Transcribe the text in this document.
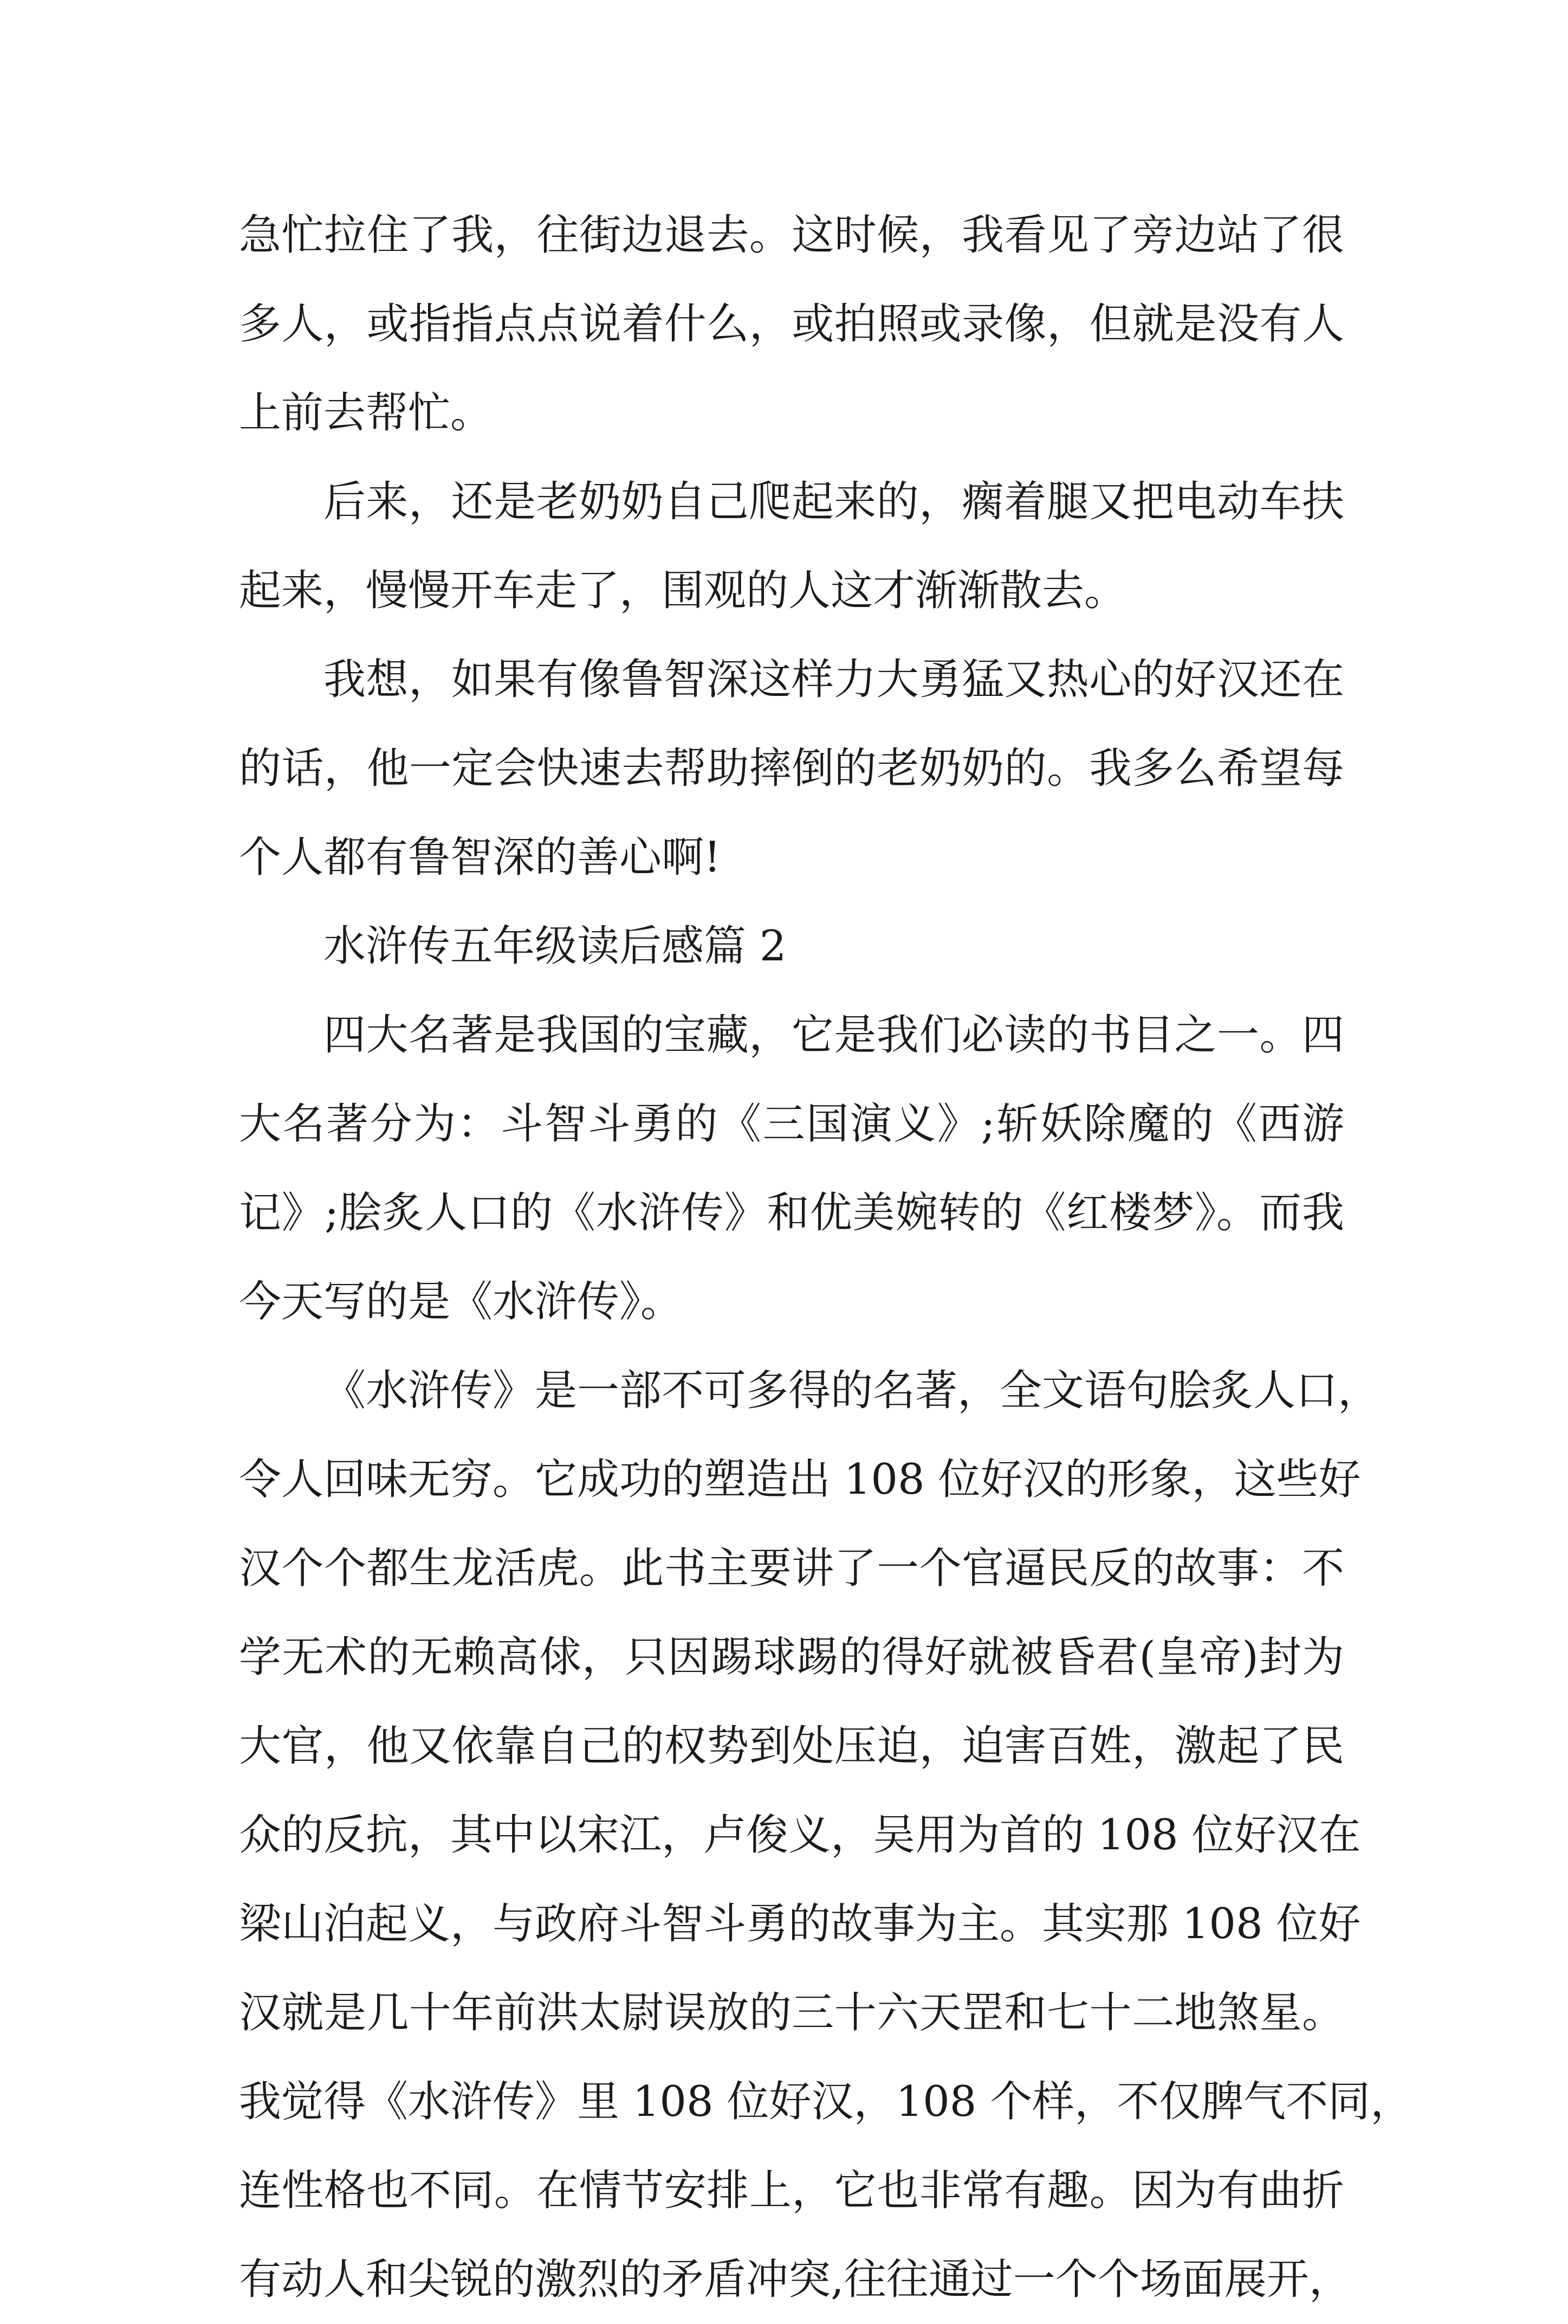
急忙拉住了我，往街边退去。这时候，我看见了旁边站了很
多人，或指指点点说着什么，或拍照或录像，但就是没有人
上前去帮忙。
后来，还是老奶奶自己爬起来的，瘸着腿又把电动车扶
起来，慢慢开车走了，围观的人这才渐渐散去。
我想，如果有像鲁智深这样力大勇猛又热心的好汉还在
的话，他一定会快速去帮助摔倒的老奶奶的。我多么希望每
个人都有鲁智深的善心啊!
水浒传五年级读后感篇 2
四大名著是我国的宝藏，它是我们必读的书目之一。四
大名著分为：斗智斗勇的《三国演义》;斩妖除魔的《西游
记》;脍炙人口的《水浒传》和优美婉转的《红楼梦》。而我
今天写的是《水浒传》。
《水浒传》是一部不可多得的名著，全文语句脍炙人口，
令人回味无穷。它成功的塑造出 108 位好汉的形象，这些好
汉个个都生龙活虎。此书主要讲了一个官逼民反的故事：不
学无术的无赖高俅，只因踢球踢的得好就被昏君(皇帝)封为
大官，他又依靠自己的权势到处压迫，迫害百姓，激起了民
众的反抗，其中以宋江，卢俊义，吴用为首的 108 位好汉在
梁山泊起义，与政府斗智斗勇的故事为主。其实那 108 位好
汉就是几十年前洪太尉误放的三十六天罡和七十二地煞星。
我觉得《水浒传》里 108 位好汉，108 个样，不仅脾气不同，
连性格也不同。在情节安排上，它也非常有趣。因为有曲折
有动人和尖锐的激烈的矛盾冲突,往往通过一个个场面展开，
